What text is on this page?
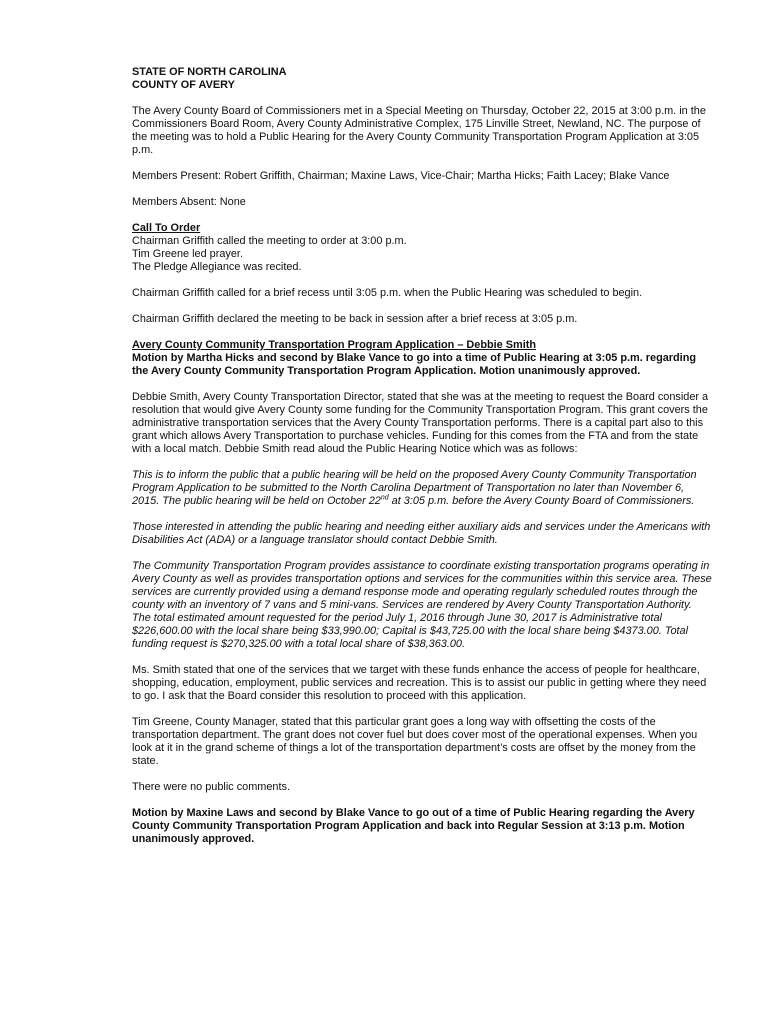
STATE OF NORTH CAROLINA

COUNTY OF AVERY

The Avery County Board of Commissioners met in a Special Meeting on Thursday, October 22, 2015 at 3:00 p.m. in the Commissioners Board Room, Avery County Administrative Complex, 175 Linville Street, Newland, NC. The purpose of the meeting was to hold a Public Hearing for the Avery County Community Transportation Program Application at 3:05 p.m.

Members Present: Robert Griffith, Chairman; Maxine Laws, Vice-Chair; Martha Hicks; Faith Lacey; Blake Vance

Members Absent: None

Call To Order

Chairman Griffith called the meeting to order at 3:00 p.m.

Tim Greene led prayer.

The Pledge Allegiance was recited.

Chairman Griffith called for a brief recess until 3:05 p.m. when the Public Hearing was scheduled to begin.

Chairman Griffith declared the meeting to be back in session after a brief recess at 3:05 p.m.

Avery County Community Transportation Program Application – Debbie Smith

Motion by Martha Hicks and second by Blake Vance to go into a time of Public Hearing at 3:05 p.m. regarding the Avery County Community Transportation Program Application. Motion unanimously approved.

Debbie Smith, Avery County Transportation Director, stated that she was at the meeting to request the Board consider a resolution that would give Avery County some funding for the Community Transportation Program. This grant covers the administrative transportation services that the Avery County Transportation performs. There is a capital part also to this grant which allows Avery Transportation to purchase vehicles. Funding for this comes from the FTA and from the state with a local match. Debbie Smith read aloud the Public Hearing Notice which was as follows:

This is to inform the public that a public hearing will be held on the proposed Avery County Community Transportation Program Application to be submitted to the North Carolina Department of Transportation no later than November 6, 2015. The public hearing will be held on October 22nd at 3:05 p.m. before the Avery County Board of Commissioners.

Those interested in attending the public hearing and needing either auxiliary aids and services under the Americans with Disabilities Act (ADA) or a language translator should contact Debbie Smith.

The Community Transportation Program provides assistance to coordinate existing transportation programs operating in Avery County as well as provides transportation options and services for the communities within this service area. These services are currently provided using a demand response mode and operating regularly scheduled routes through the county with an inventory of 7 vans and 5 mini-vans. Services are rendered by Avery County Transportation Authority. The total estimated amount requested for the period July 1, 2016 through June 30, 2017 is Administrative total $226,600.00 with the local share being $33,990.00; Capital is $43,725.00 with the local share being $4373.00. Total funding request is $270,325.00 with a total local share of $38,363.00.

Ms. Smith stated that one of the services that we target with these funds enhance the access of people for healthcare, shopping, education, employment, public services and recreation. This is to assist our public in getting where they need to go. I ask that the Board consider this resolution to proceed with this application.

Tim Greene, County Manager, stated that this particular grant goes a long way with offsetting the costs of the transportation department. The grant does not cover fuel but does cover most of the operational expenses. When you look at it in the grand scheme of things a lot of the transportation department’s costs are offset by the money from the state.

There were no public comments.

Motion by Maxine Laws and second by Blake Vance to go out of a time of Public Hearing regarding the Avery County Community Transportation Program Application and back into Regular Session at 3:13 p.m. Motion unanimously approved.
